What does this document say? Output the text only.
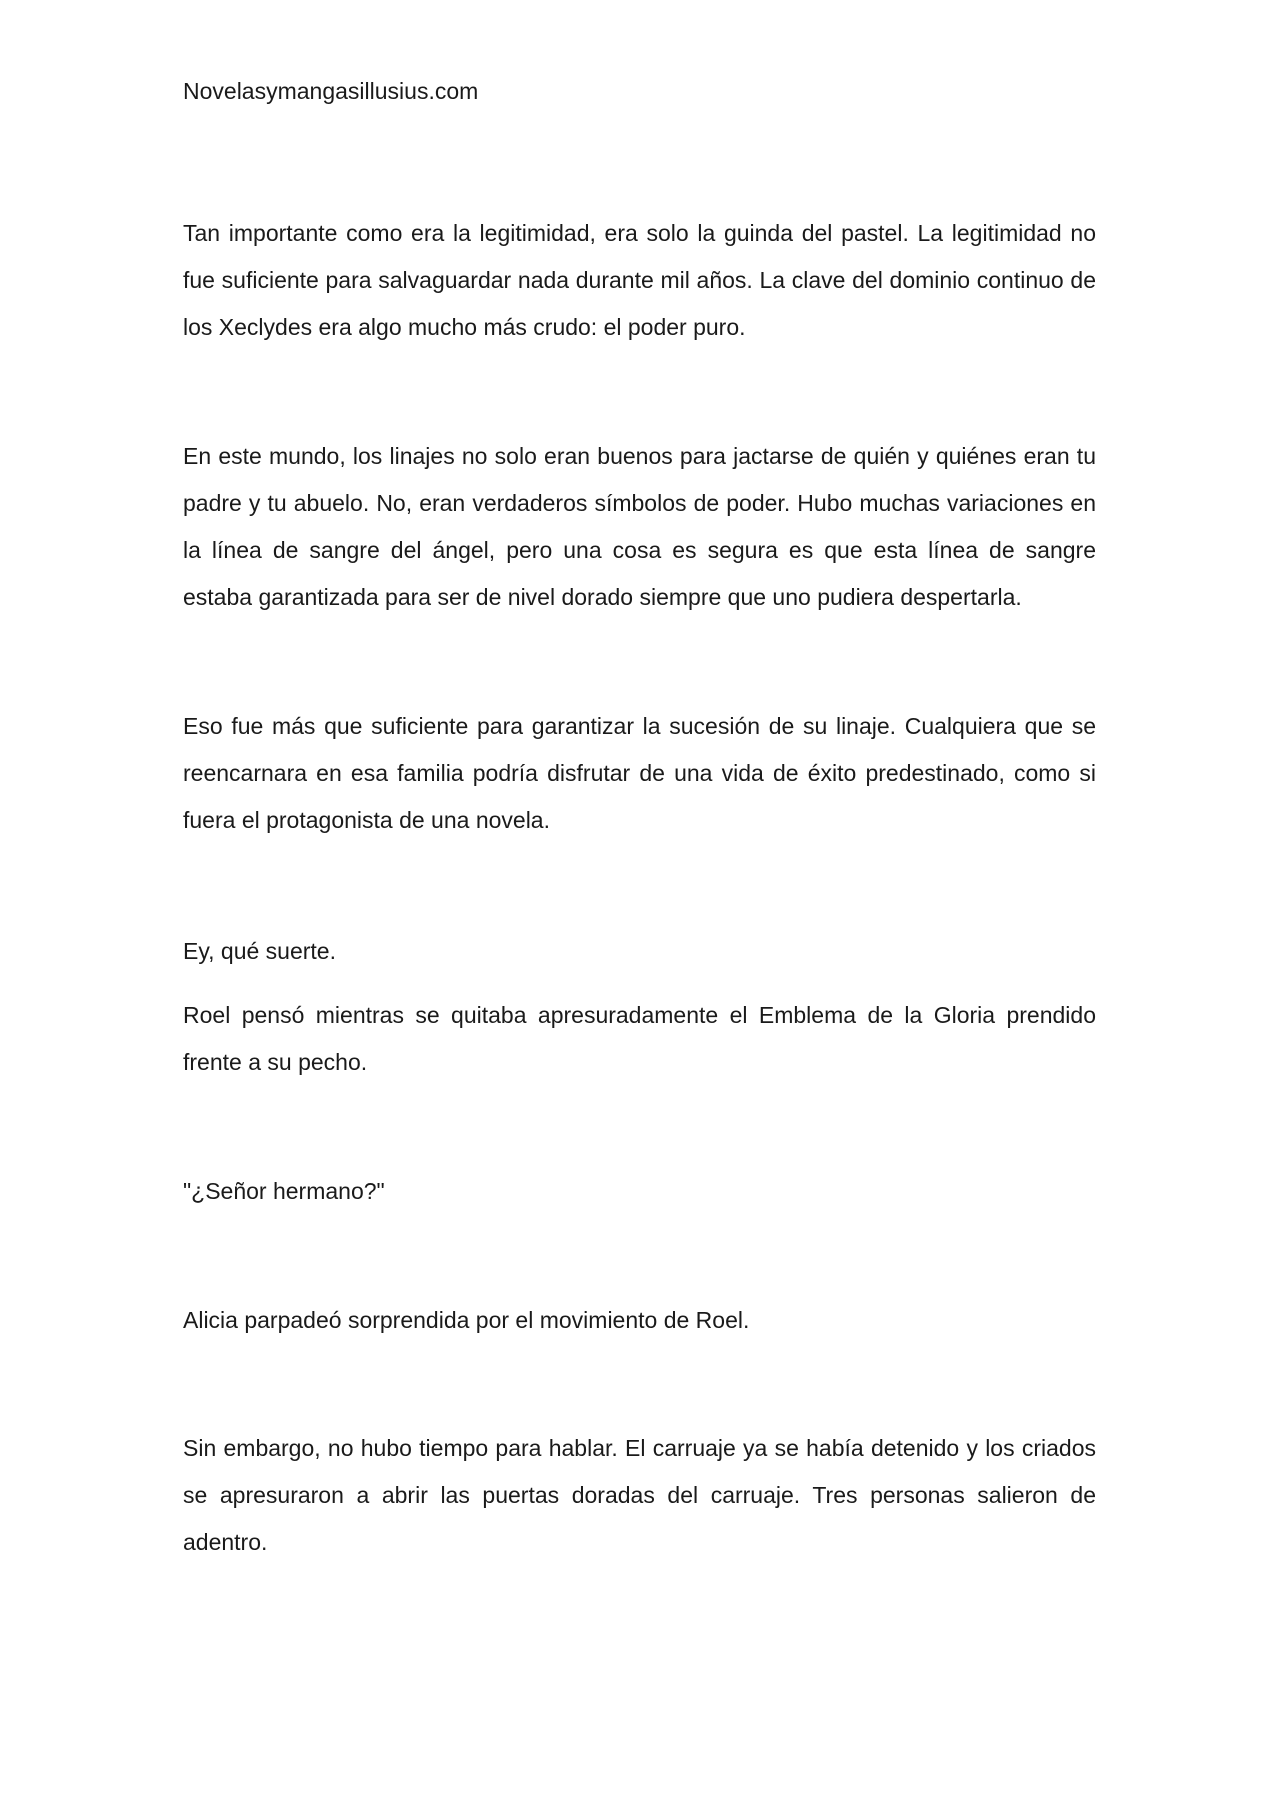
Novelasymangasillusius.com

Tan importante como era la legitimidad, era solo la guinda del pastel. La legitimidad no fue suficiente para salvaguardar nada durante mil años. La clave del dominio continuo de los Xeclydes era algo mucho más crudo: el poder puro.

En este mundo, los linajes no solo eran buenos para jactarse de quién y quiénes eran tu padre y tu abuelo. No, eran verdaderos símbolos de poder. Hubo muchas variaciones en la línea de sangre del ángel, pero una cosa es segura es que esta línea de sangre estaba garantizada para ser de nivel dorado siempre que uno pudiera despertarla.

Eso fue más que suficiente para garantizar la sucesión de su linaje. Cualquiera que se reencarnara en esa familia podría disfrutar de una vida de éxito predestinado, como si fuera el protagonista de una novela.

Ey, qué suerte.

Roel pensó mientras se quitaba apresuradamente el Emblema de la Gloria prendido frente a su pecho.

"¿Señor hermano?"

Alicia parpadeó sorprendida por el movimiento de Roel.

Sin embargo, no hubo tiempo para hablar. El carruaje ya se había detenido y los criados se apresuraron a abrir las puertas doradas del carruaje. Tres personas salieron de adentro.
